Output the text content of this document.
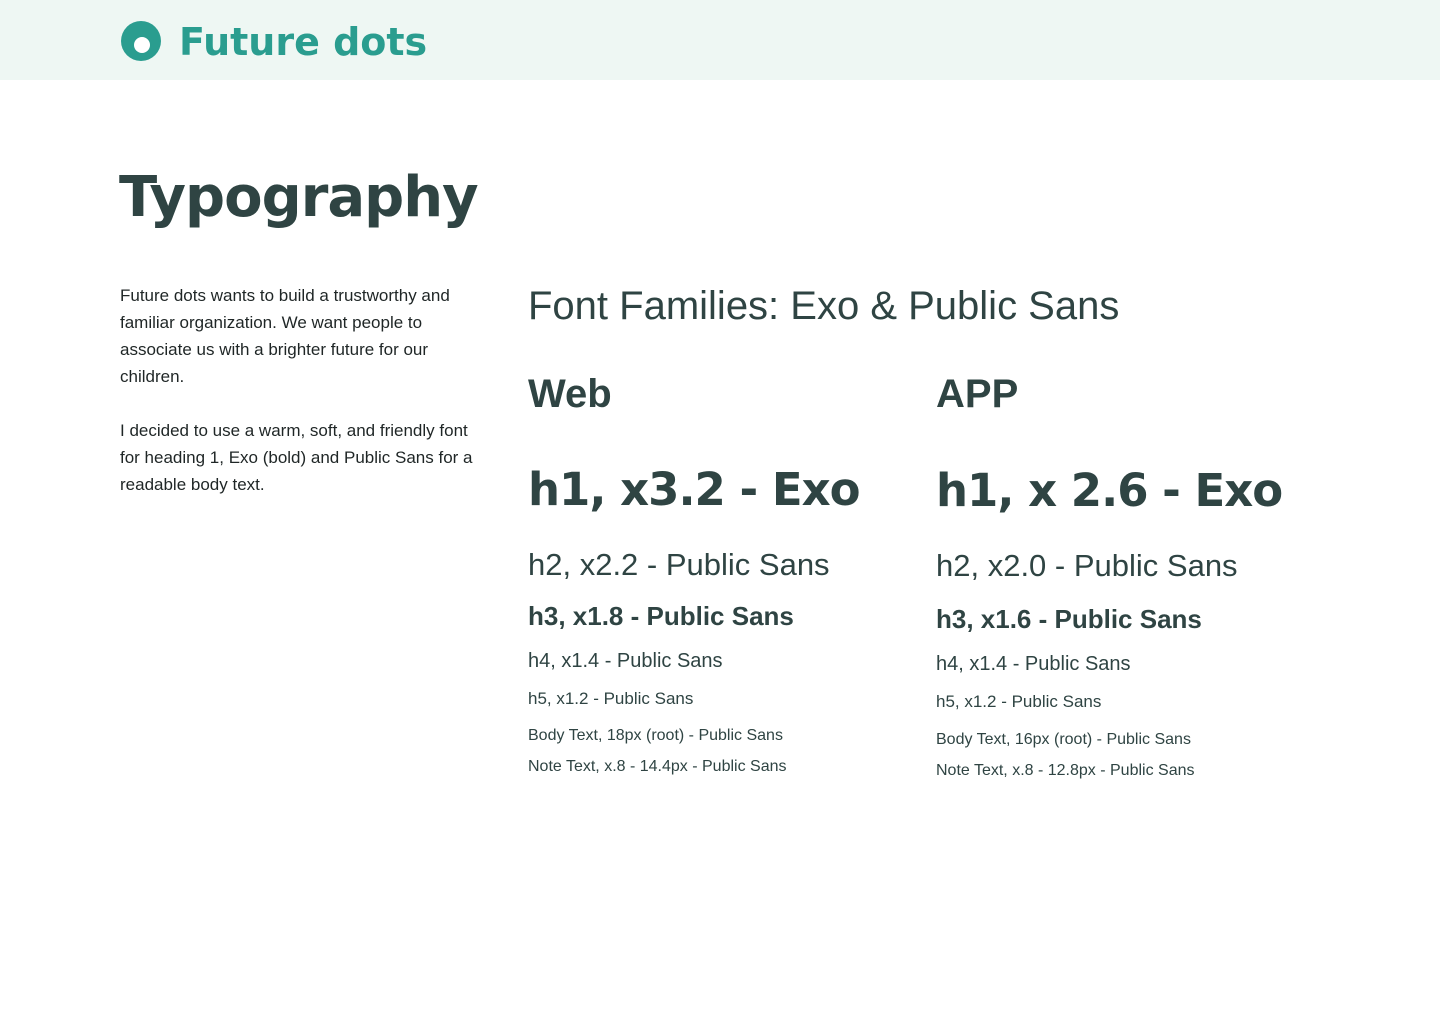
Future dots
Typography

Future dots wants to build a trustworthy and familiar organization. We want people to associate us with a brighter future for our children.

I decided to use a warm, soft, and friendly font for heading 1, Exo (bold) and Public Sans for a readable body text.

Font Families: Exo & Public Sans
Web
h1, x3.2 - Exo
h2, x2.2 - Public Sans
h3, x1.8 - Public Sans
h4, x1.4 - Public Sans
h5, x1.2 - Public Sans
Body Text, 18px (root) - Public Sans
Note Text, x.8 - 14.4px - Public Sans
APP
h1, x 2.6 - Exo
h2, x2.0 - Public Sans
h3, x1.6 - Public Sans
h4, x1.4 - Public Sans
h5, x1.2 - Public Sans
Body Text, 16px (root) - Public Sans
Note Text, x.8 - 12.8px - Public Sans
